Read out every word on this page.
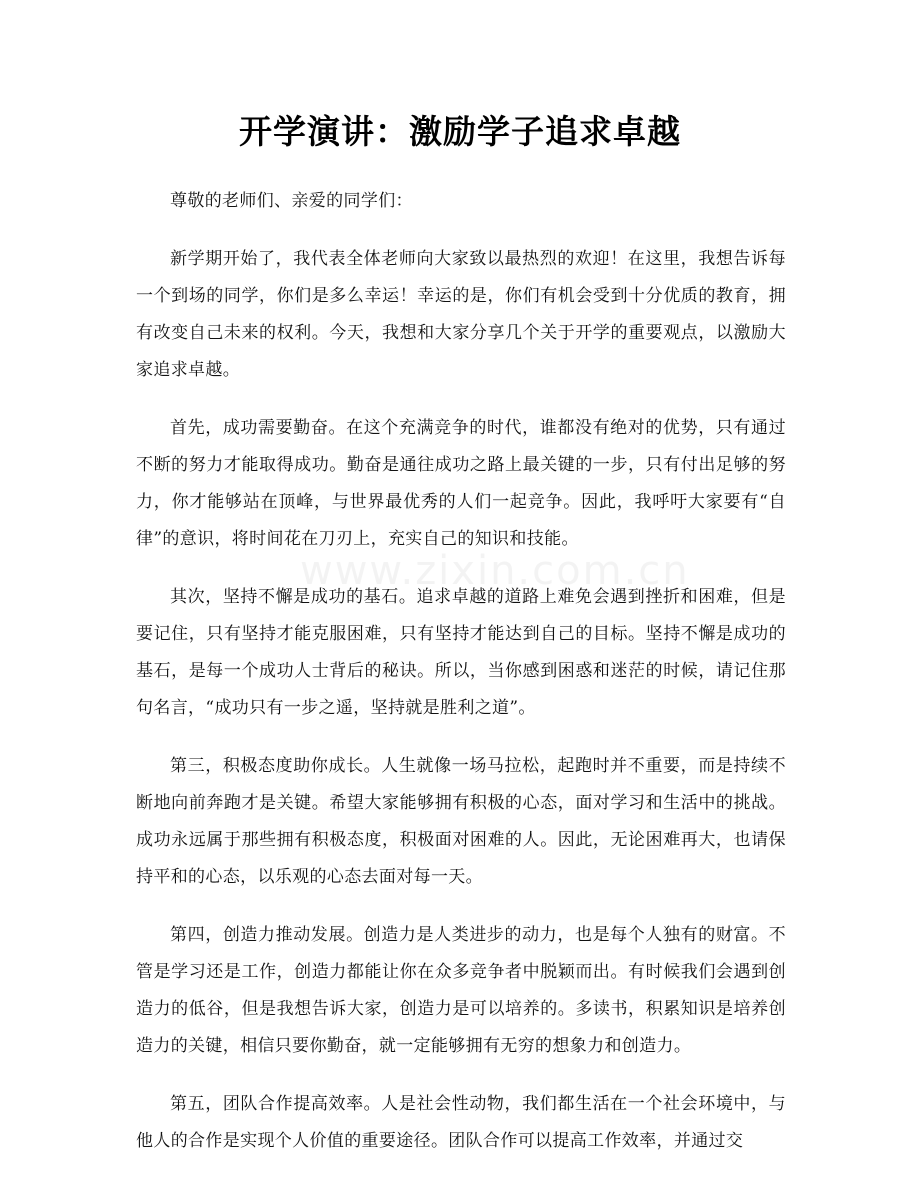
开学演讲：激励学子追求卓越

尊敬的老师们、亲爱的同学们：

新学期开始了，我代表全体老师向大家致以最热烈的欢迎！在这里，我想告诉每一个到场的同学，你们是多么幸运！幸运的是，你们有机会受到十分优质的教育，拥有改变自己未来的权利。今天，我想和大家分享几个关于开学的重要观点，以激励大家追求卓越。

首先，成功需要勤奋。在这个充满竞争的时代，谁都没有绝对的优势，只有通过不断的努力才能取得成功。勤奋是通往成功之路上最关键的一步，只有付出足够的努力，你才能够站在顶峰，与世界最优秀的人们一起竞争。因此，我呼吁大家要有“自律”的意识，将时间花在刀刃上，充实自己的知识和技能。

其次，坚持不懈是成功的基石。追求卓越的道路上难免会遇到挫折和困难，但是要记住，只有坚持才能克服困难，只有坚持才能达到自己的目标。坚持不懈是成功的基石，是每一个成功人士背后的秘诀。所以，当你感到困惑和迷茫的时候，请记住那句名言，“成功只有一步之遥，坚持就是胜利之道”。

第三，积极态度助你成长。人生就像一场马拉松，起跑时并不重要，而是持续不断地向前奔跑才是关键。希望大家能够拥有积极的心态，面对学习和生活中的挑战。成功永远属于那些拥有积极态度，积极面对困难的人。因此，无论困难再大，也请保持平和的心态，以乐观的心态去面对每一天。

第四，创造力推动发展。创造力是人类进步的动力，也是每个人独有的财富。不管是学习还是工作，创造力都能让你在众多竞争者中脱颖而出。有时候我们会遇到创造力的低谷，但是我想告诉大家，创造力是可以培养的。多读书，积累知识是培养创造力的关键，相信只要你勤奋，就一定能够拥有无穷的想象力和创造力。

第五，团队合作提高效率。人是社会性动物，我们都生活在一个社会环境中，与他人的合作是实现个人价值的重要途径。团队合作可以提高工作效率，并通过交

www.zixin.com.cn
